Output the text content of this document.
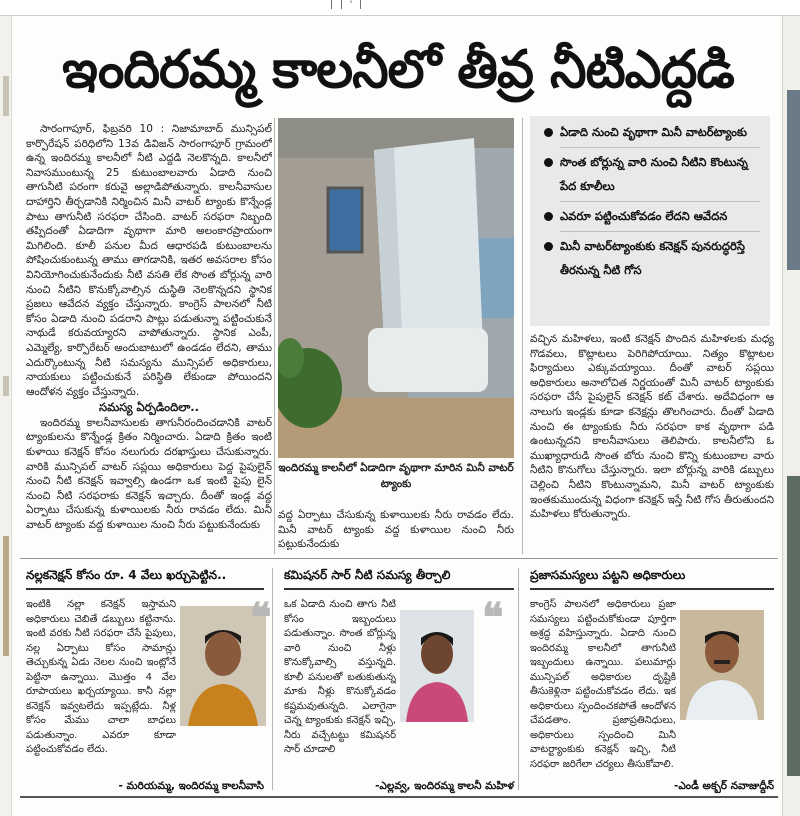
| | ' |
ఇందిరమ్మ కాలనీలో తీవ్ర నీటిఎద్దడి

సారంగాపూర్, ఫిబ్రవరి 10 : నిజామాబాద్ మున్సిపల్ కార్పొరేషన్ పరిధిలోని 13వ డివిజన్ సారంగాపూర్ గ్రామంలో ఉన్న ఇందిరమ్మ కాలనీలో నీటి ఎద్దడి నెలకొన్నది. కాలనీలో నివాసముంటున్న 25 కుటుంబాలవారు ఏడాది నుంచి తాగునీటి పరంగా కరువై అల్లాడిపోతున్నారు. కాలనీవాసుల దాహార్తిని తీర్చడానికి నిర్మించిన మినీ వాటర్ ట్యాంకు కొన్నేండ్ల పాటు తాగునీటి సరఫరా చేసింది. వాటర్ సరఫరా నిబ్బంది తప్పిదంతో ఏడాదిగా వృథాగా మారి అలంకారప్రాయంగా మిగిలింది. కూలీ పనుల మీద ఆధారపడి కుటుంబాలను పోషించుకుంటున్న తాము తాగడానికి, ఇతర అవసరాల కోసం వినియోగించుకునేందుకు నీటి వసతి లేక సొంత బోర్లున్న వారి నుంచి నీటిని కొనుక్కోవాల్సిన దుస్థితి నెలకొన్నదని స్థానిక ప్రజలు ఆవేదన వ్యక్తం చేస్తున్నారు. కాంగ్రెస్ పాలనలో నీటి కోసం ఏడాది నుంచి పడరాని పాట్లు పడుతున్నా పట్టించుకునే నాథుడే కరువయ్యారని వాపోతున్నారు. స్థానిక ఎంపీ, ఎమ్మెల్యే, కార్పొరేటర్ అందుబాటులో ఉండడం లేదని, తాము ఎదుర్కొంటున్న నీటి సమస్యను మున్సిపల్ అధికారులు, నాయకులు పట్టించుకునే పరిస్థితి లేకుండా పోయిందని ఆందోళన వ్యక్తం చేస్తున్నారు.

సమస్య ఏర్పడిందిలా..

ఇందిరమ్మ కాలనీవాసులకు తాగునీరందించడానికి వాటర్ ట్యాంకులను కొన్నేండ్ల క్రితం నిర్మించారు. ఏడాది క్రితం ఇంటి కుళాయి కనెక్షన్ కోసం నలుగురు దరఖాస్తులు చేసుకున్నారు. వారికి మున్సిపల్ వాటర్ సప్లయి అధికారులు పెద్ద పైపులైన్ నుంచి నీటి కనెక్షన్ ఇవ్వాల్సి ఉండగా ఒక ఇంటి పైపు లైన్ నుంచి నీటి సరఫరాకు కనెక్షన్ ఇచ్చారు. దీంతో ఇండ్ల వద్ద ఏర్పాటు చేసుకున్న కుళాయిలకు నీరు రావడం లేదు. మినీ వాటర్ ట్యాంకు వద్ద కుళాయిల నుంచి నీరు పట్టుకునేందుకు

ఇందిరమ్మ కాలనీలో ఏడాదిగా వృథాగా మారిన మినీ వాటర్ ట్యాంకు

వద్ద ఏర్పాటు చేసుకున్న కుళాయిలకు నీరు రావడం లేదు. మినీ వాటర్ ట్యాంకు వద్ద కుళాయిల నుంచి నీరు పట్టుకునేందుకు

ఏడాది నుంచి వృథాగా మినీ వాటర్‌ట్యాంకు
సొంత బోర్లున్న వారి నుంచి నీటిని కొంటున్న పేద కూలీలు
ఎవరూ పట్టించుకోవడం లేదని ఆవేదన
మినీ వాటర్‌ట్యాంకుకు కనెక్షన్ పునరుద్ధరిస్తే తీరనున్న నీటి గోస

వచ్చిన మహిళలు, ఇంటి కనెక్షన్ పొందిన మహిళలకు మధ్య గొడవలు, కొట్లాటలు పెరిగిపోయాయి. నిత్యం కొట్లాటల ఫిర్యాదులు ఎక్కువయ్యాయి. దీంతో వాటర్ సప్లయి అధికారులు అనాలోచిత నిర్ణయంతో మినీ వాటర్ ట్యాంకుకు సరఫరా చేసే పైపులైన్ కనెక్షన్ కట్ చేశారు. అదేవిధంగా ఆ నాలుగు ఇండ్లకు కూడా కనెక్షన్లు తొలగించారు. దీంతో ఏడాది నుంచి ఈ ట్యాంకుకు నీరు సరఫరా కాక వృథాగా పడి ఉంటున్నదని కాలనీవాసులు తెలిపారు. కాలనీలోని ఓ ముఖ్యాధారుడి సొంత బోరు నుంచి కొన్ని కుటుంబాల వారు నీటిని కొనుగోలు చేస్తున్నారు. ఇలా బోర్లున్న వారికి డబ్బులు చెల్లించి నీటిని కొంటున్నామని, మినీ వాటర్ ట్యాంకుకు ఇంతకుముందున్న విధంగా కనెక్షన్ ఇస్తే నీటి గోస తీరుతుందని మహిళలు కోరుతున్నారు.

నల్లకనెక్షన్ కోసం రూ. 4 వేలు ఖర్చుపెట్టిన..
ఇంటికి నల్లా కనెక్షన్ ఇస్తామని అధికారులు చెబితే డబ్బులు కట్టినాను. ఇంటి వరకు నీటి సరఫరా చేసే పైపులు, నల్ల ఏర్పాటు కోసం సామాన్లు తెచ్చుకున్న ఏడు నెలల నుంచి ఇంట్లోనే పెట్టినా ఉన్నాయి. మొత్తం 4 వేల రూపాయలు ఖర్చయ్యాయి. కానీ నల్లా కనెక్షన్ ఇవ్వటలేదు ఇప్పట్లేదు. నీళ్ల కోసం మేము చాలా బాధలు పడుతున్నాం. ఎవరూ కూడా పట్టించుకోవడం లేదు.
- మరియమ్మ, ఇందిరమ్మ కాలనీవాసి
❝
కమిషనర్ సార్ నీటి సమస్య తీర్చాలి
ఒక ఏడాది నుంచి తాగు నీటి కోసం ఇబ్బందులు పడుతున్నాం. సొంత బోర్లున్న వారి నుంచి నీళ్లు కొనుక్కోవాల్సి వస్తున్నది. కూలీ పనులతో బతుకుతున్న మాకు నీళ్లు కొనుక్కోవడం కష్టమవుతున్నది. ఎలాగైనా చెన్న ట్యాంకుకు కనెక్షన్ ఇచ్చి, నీరు వచ్చేటట్టు కమిషనర్ సార్ చూడాలి
-ఎల్లవ్వ, ఇందిరమ్మ కాలనీ మహిళ
❝
ప్రజాసమస్యలు పట్టని అధికారులు
కాంగ్రెస్ పాలనలో అధికారులు ప్రజా సమస్యలు పట్టించుకోకుండా పూర్తిగా అశ్రద్ధ వహిస్తున్నారు. ఏడాది నుంచి ఇందిరమ్మ కాలనీలో తాగునీటి ఇబ్బందులు ఉన్నాయి. పలుమార్లు మున్సిపల్ అధికారుల దృష్టికి తీసుకెళ్లినా పట్టించుకోవడం లేదు. ఇక అధికారులు స్పందించకపోతే ఆందోళన చేపడతాం. ప్రజాప్రతినిధులు, అధికారులు స్పందించి మినీ వాటర్ట్యాంకుకు కనెక్షన్ ఇచ్చి, నీటి సరఫరా జరిగేలా చర్యలు తీసుకోవాలి.
-ఎండీ అక్బర్ నవాజుద్దీన్
